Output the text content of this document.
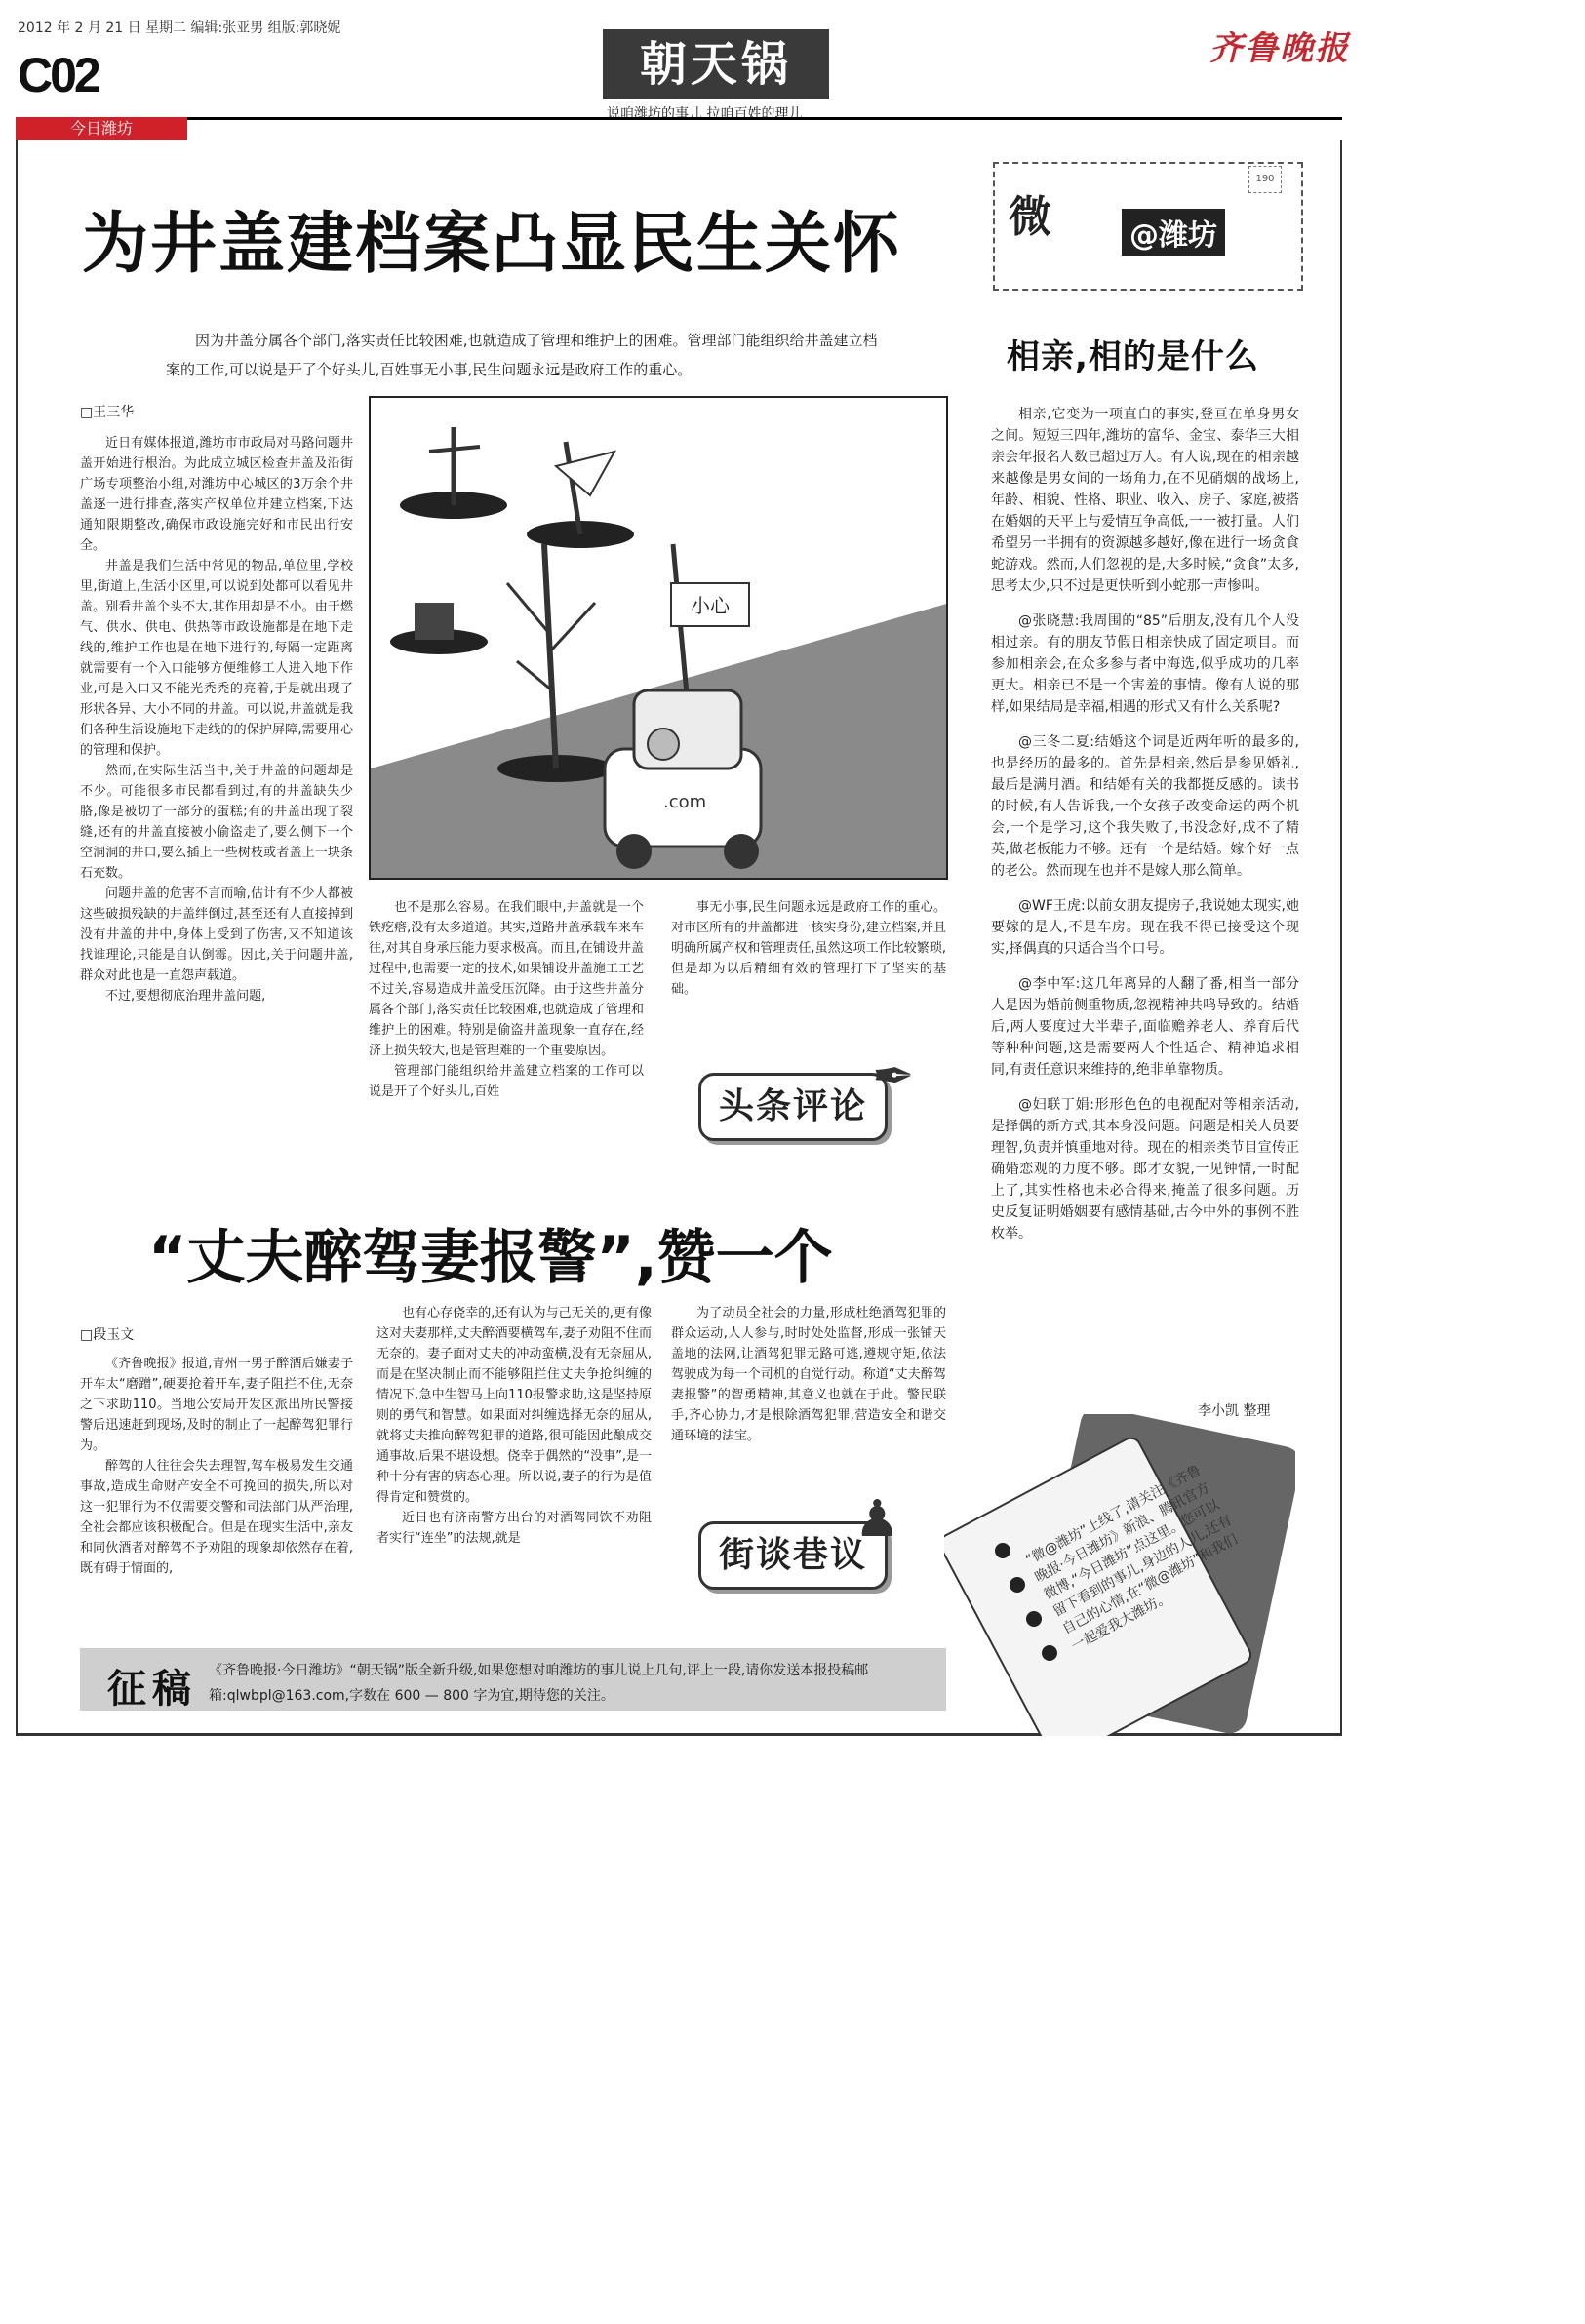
2012 年 2 月 21 日 星期二 编辑:张亚男 组版:郭晓妮
C02	朝天锅
说咱潍坊的事儿 拉咱百姓的理儿
齐鲁晚报
今日潍坊
为井盖建档案凸显民生关怀
因为井盖分属各个部门,落实责任比较困难,也就造成了管理和维护上的困难。管理部门能组织给井盖建立档案的工作,可以说是开了个好头儿,百姓事无小事,民生问题永远是政府工作的重心。
□王三华

近日有媒体报道,潍坊市市政局对马路问题井盖开始进行根治。为此成立城区检查井盖及沿街广场专项整治小组,对潍坊中心城区的3万余个井盖逐一进行排查,落实产权单位并建立档案,下达通知限期整改,确保市政设施完好和市民出行安全。

井盖是我们生活中常见的物品,单位里,学校里,街道上,生活小区里,可以说到处都可以看见井盖。别看井盖个头不大,其作用却是不小。由于燃气、供水、供电、供热等市政设施都是在地下走线的,维护工作也是在地下进行的,每隔一定距离就需要有一个入口能够方便维修工人进入地下作业,可是入口又不能光秃秃的亮着,于是就出现了形状各异、大小不同的井盖。可以说,井盖就是我们各种生活设施地下走线的的保护屏障,需要用心的管理和保护。

然而,在实际生活当中,关于井盖的问题却是不少。可能很多市民都看到过,有的井盖缺失少胳,像是被切了一部分的蛋糕;有的井盖出现了裂缝,还有的井盖直接被小偷盗走了,要么侧下一个空洞洞的井口,要么插上一些树枝或者盖上一块条石充数。

问题井盖的危害不言而喻,估计有不少人都被这些破损残缺的井盖绊倒过,甚至还有人直接掉到没有井盖的井中,身体上受到了伤害,又不知道该找谁理论,只能是自认倒霉。因此,关于问题井盖,群众对此也是一直怨声载道。

不过,要想彻底治理井盖问题,

小心
.com

也不是那么容易。在我们眼中,井盖就是一个铁疙瘩,没有太多道道。其实,道路井盖承载车来车往,对其自身承压能力要求极高。而且,在铺设井盖过程中,也需要一定的技术,如果铺设井盖施工工艺不过关,容易造成井盖受压沉降。由于这些井盖分属各个部门,落实责任比较困难,也就造成了管理和维护上的困难。特别是偷盗井盖现象一直存在,经济上损失较大,也是管理难的一个重要原因。

管理部门能组织给井盖建立档案的工作可以说是开了个好头儿,百姓

事无小事,民生问题永远是政府工作的重心。对市区所有的井盖都进一核实身份,建立档案,并且明确所属产权和管理责任,虽然这项工作比较繁琐,但是却为以后精细有效的管理打下了坚实的基础。

头条评论
✒
“丈夫醉驾妻报警”,赞一个
□段玉文

《齐鲁晚报》报道,青州一男子醉酒后嫌妻子开车太“磨蹭”,硬要抢着开车,妻子阻拦不住,无奈之下求助110。当地公安局开发区派出所民警接警后迅速赶到现场,及时的制止了一起醉驾犯罪行为。

醉驾的人往往会失去理智,驾车极易发生交通事故,造成生命财产安全不可挽回的损失,所以对这一犯罪行为不仅需要交警和司法部门从严治理,全社会都应该积极配合。但是在现实生活中,亲友和同伙酒者对醉驾不予劝阻的现象却依然存在着,既有碍于情面的,

也有心存侥幸的,还有认为与己无关的,更有像这对夫妻那样,丈夫醉酒要横驾车,妻子劝阻不住而无奈的。妻子面对丈夫的冲动蛮横,没有无奈屈从,而是在坚决制止而不能够阻拦住丈夫争抢纠缠的情况下,急中生智马上向110报警求助,这是坚持原则的勇气和智慧。如果面对纠缠选择无奈的屈从,就将丈夫推向醉驾犯罪的道路,很可能因此酿成交通事故,后果不堪设想。侥幸于偶然的“没事”,是一种十分有害的病态心理。所以说,妻子的行为是值得肯定和赞赏的。

近日也有济南警方出台的对酒驾同饮不劝阻者实行“连坐”的法规,就是

为了动员全社会的力量,形成杜绝酒驾犯罪的群众运动,人人参与,时时处处监督,形成一张铺天盖地的法网,让酒驾犯罪无路可逃,遵规守矩,依法驾驶成为每一个司机的自觉行动。称道“丈夫醉驾妻报警”的智勇精神,其意义也就在于此。警民联手,齐心协力,才是根除酒驾犯罪,营造安全和谐交通环境的法宝。

街谈巷议
♟
征稿 《齐鲁晚报·今日潍坊》“朝天锅”版全新升级,如果您想对咱潍坊的事儿说上几句,评上一段,请你发送本报投稿邮箱:qlwbpl@163.com,字数在 600 — 800 字为宜,期待您的关注。
微	@潍坊
190
相亲,相的是什么

相亲,它变为一项直白的事实,登亘在单身男女之间。短短三四年,潍坊的富华、金宝、泰华三大相亲会年报名人数已超过万人。有人说,现在的相亲越来越像是男女间的一场角力,在不见硝烟的战场上,年龄、相貌、性格、职业、收入、房子、家庭,被搭在婚姻的天平上与爱情互争高低,一一被打量。人们希望另一半拥有的资源越多越好,像在进行一场贪食蛇游戏。然而,人们忽视的是,大多时候,“贪食”太多,思考太少,只不过是更快听到小蛇那一声惨叫。

@张晓慧:我周围的“85”后朋友,没有几个人没相过亲。有的朋友节假日相亲快成了固定项目。而参加相亲会,在众多参与者中海选,似乎成功的几率更大。相亲已不是一个害羞的事情。像有人说的那样,如果结局是幸福,相遇的形式又有什么关系呢?

@三冬二夏:结婚这个词是近两年听的最多的,也是经历的最多的。首先是相亲,然后是参见婚礼,最后是满月酒。和结婚有关的我都挺反感的。读书的时候,有人告诉我,一个女孩子改变命运的两个机会,一个是学习,这个我失败了,书没念好,成不了精英,做老板能力不够。还有一个是结婚。嫁个好一点的老公。然而现在也并不是嫁人那么简单。

@WF王虎:以前女朋友提房子,我说她太现实,她要嫁的是人,不是车房。现在我不得已接受这个现实,择偶真的只适合当个口号。

@李中军:这几年离异的人翻了番,相当一部分人是因为婚前侧重物质,忽视精神共鸣导致的。结婚后,两人要度过大半辈子,面临赡养老人、养育后代等种种问题,这是需要两人个性适合、精神追求相同,有责任意识来维持的,绝非单靠物质。

@妇联丁娟:形形色色的电视配对等相亲活动,是择偶的新方式,其本身没问题。问题是相关人员要理智,负责并慎重地对待。现在的相亲类节目宣传正确婚恋观的力度不够。郎才女貌,一见钟情,一时配上了,其实性格也未必合得来,掩盖了很多问题。历史反复证明婚姻要有感情基础,古今中外的事例不胜枚举。

李小凯 整理
“微@潍坊”上线了,请关注《齐鲁晚报·今日潍坊》新浪、腾讯官方微博,“今日潍坊”点这里。您可以留下看到的事儿,身边的人儿,还有自己的心情,在“微@潍坊”和我们一起爱我大潍坊。
